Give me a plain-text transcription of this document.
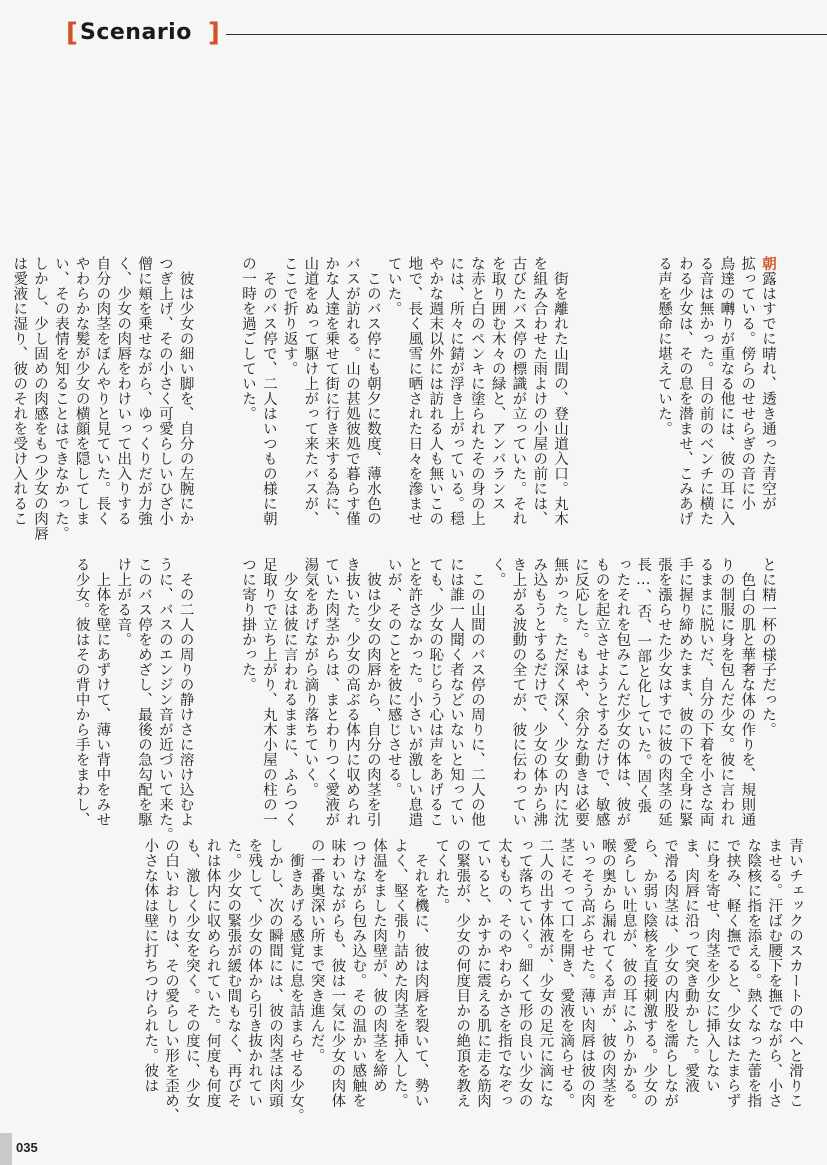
[ Scenario ]
朝露はすでに晴れ、透き通った青空が
拡っている。傍らのせせらぎの音に小
鳥達の囀りが重なる他には、彼の耳に入
る音は無かった。目の前のベンチに横た
わる少女は、その息を潜ませ、こみあげ
る声を懸命に堪えていた。
　街を離れた山間の、登山道入口。丸木
を組み合わせた雨よけの小屋の前には、
古びたバス停の標識が立っていた。それ
を取り囲む木々の緑と、アンバランス
な赤と白のペンキに塗られたその身の上
には、所々に錆が浮き上がっている。穏
やかな週末以外には訪れる人も無いこの
地で、長く風雪に晒された日々を滲ませ
ていた。
　このバス停にも朝夕に数度、薄水色の
バスが訪れる。山の甚処彼処で暮らす僅
かな人達を乗せて街に行き来する為に、
山道をぬって駆け上がって来たバスが、
ここで折り返す。
　そのバス停で、二人はいつもの様に朝
の一時を過ごしていた。
　彼は少女の細い脚を、自分の左腕にか
つぎ上げ、その小さく可愛らしいひざ小
僧に頬を乗せながら、ゆっくりだが力強
く、少女の肉唇をわけいって出入りする
自分の肉茎をぼんやりと見ていた。長く
やわらかな髪が少女の横顔を隠してしま
い、その表情を知ることはできなかった。
しかし、少し固めの肉感をもつ少女の肉唇
は愛液に湿り、彼のそれを受け入れるこ
とに精一杯の様子だった。
　色白の肌と華奢な体の作りを、規則通
りの制服に身を包んだ少女。彼に言われ
るままに脱いだ、自分の下着を小さな両
手に握り締めたまま、彼の下で全身に緊
張を漲らせた少女はすでに彼の肉茎の延
長…、否、一部と化していた。固く張
ったそれを包みこんだ少女の体は、彼が
ものを起立させようとするだけで、敏感
に反応した。もはや、余分な動きは必要
無かった。ただ深く深く、少女の内に沈
み込もうとするだけで、少女の体から沸
き上がる波動の全てが、彼に伝わってい
く。
　この山間のバス停の周りに、二人の他
には誰一人聞く者などいないと知ってい
ても、少女の恥じらう心は声をあげるこ
とを許さなかった。小さいが激しい息遣
いが、そのことを彼に感じさせる。
　彼は少女の肉唇から、自分の肉茎を引
き抜いた。少女の高ぶる体内に収められ
ていた肉茎からは、まとわりつく愛液が
湯気をあげながら滴り落ちていく。
　少女は彼に言われるままに、ふらつく
足取りで立ち上がり、丸木小屋の柱の一
つに寄り掛かった。
　その二人の周りの静けさに溶け込むよ
うに、バスのエンジン音が近づいて来た。
このバス停をめざし、最後の急勾配を駆
け上がる音。
　上体を壁にあずけて、薄い背中をみせ
る少女。彼はその背中から手をまわし、
青いチェックのスカートの中へと滑りこ
ませる。汗ばむ腰下を撫でながら、小さ
な陰核に指を添える。熱くなった蕾を指
で挟み、軽く撫でると、少女はたまらず
に身を寄せ、肉茎を少女に挿入しない
ま、肉唇に沿って突き動かした。愛液
で滑る肉茎は、少女の内股を濡らしなが
ら、か弱い陰核を直接刺激する。少女の
愛らしい吐息が、彼の耳にふりかかる。
喉の奥から漏れてくる声が、彼の肉茎を
いっそう高ぶらせた。薄い肉唇は彼の肉
茎にそって口を開き、愛液を滴らせる。
二人の出す体液が、少女の足元に滴にな
って落ちていく。細くて形の良い少女の
太ももの、そのやわらかさを指でなぞっ
ていると、かすかに震える肌に走る筋肉
の緊張が、少女の何度目かの絶頂を教え
てくれた。
　それを機に、彼は肉唇を裂いて、勢い
よく、堅く張り詰めた肉茎を挿入した。
体温をました肉壁が、彼の肉茎を締め
つけながら包み込む。その温かい感触を
味わいながらも、彼は一気に少女の肉体
の一番奥深い所まで突き進んだ。
　衝きあげる感覚に息を詰まらせる少女。
しかし、次の瞬間には、彼の肉茎は肉頭
を残して、少女の体から引き抜かれてい
た。少女の緊張が緩む間もなく、再びそ
れは体内に収められていた。何度も何度
も、激しく少女を突く。その度に、少女
の白いおしりは、その愛らしい形を歪め、
小さな体は壁に打ちつけられた。彼は
035
